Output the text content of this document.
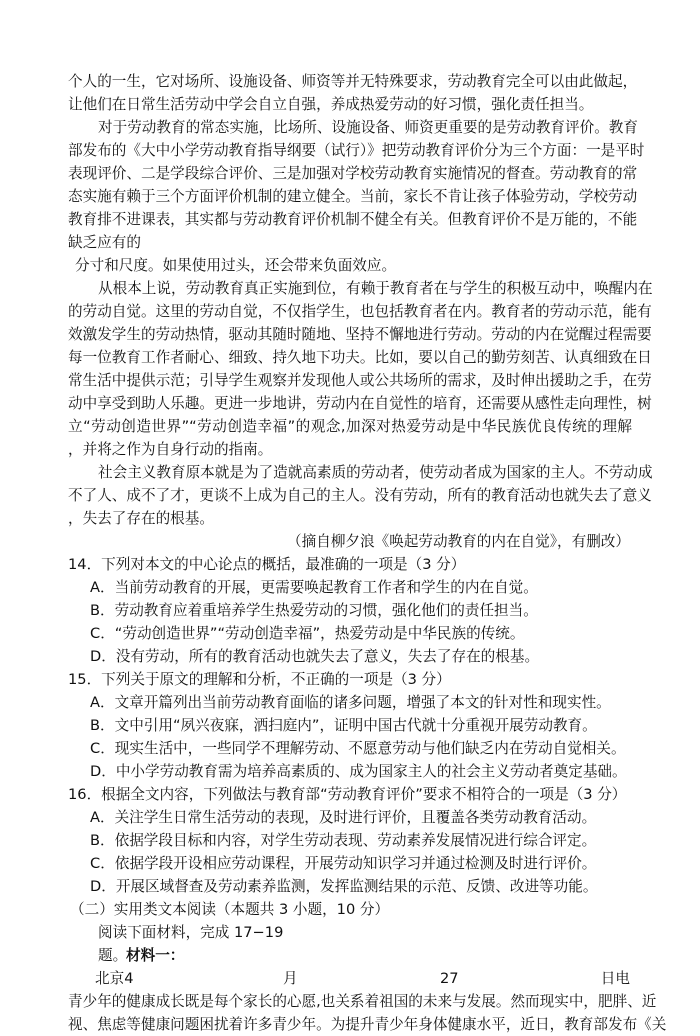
个人的一生，它对场所、设施设备、师资等并无特殊要求，劳动教育完全可以由此做起，
让他们在日常生活劳动中学会自立自强，养成热爱劳动的好习惯，强化责任担当。
对于劳动教育的常态实施，比场所、设施设备、师资更重要的是劳动教育评价。教育
部发布的《大中小学劳动教育指导纲要（试行）》把劳动教育评价分为三个方面：一是平时
表现评价、二是学段综合评价、三是加强对学校劳动教育实施情况的督查。劳动教育的常
态实施有赖于三个方面评价机制的建立健全。当前，家长不肯让孩子体验劳动，学校劳动
教育排不进课表，其实都与劳动教育评价机制不健全有关。但教育评价不是万能的，不能
缺乏应有的
分寸和尺度。如果使用过头，还会带来负面效应。
从根本上说，劳动教育真正实施到位，有赖于教育者在与学生的积极互动中，唤醒内在
的劳动自觉。这里的劳动自觉，不仅指学生，也包括教育者在内。教育者的劳动示范，能有
效激发学生的劳动热情，驱动其随时随地、坚持不懈地进行劳动。劳动的内在觉醒过程需要
每一位教育工作者耐心、细致、持久地下功夫。比如，要以自己的勤劳刻苦、认真细致在日
常生活中提供示范；引导学生观察并发现他人或公共场所的需求，及时伸出援助之手，在劳
动中享受到助人乐趣。更进一步地讲，劳动内在自觉性的培育，还需要从感性走向理性，树
立“劳动创造世界”“劳动创造幸福”的观念,加深对热爱劳动是中华民族优良传统的理解
，并将之作为自身行动的指南。
社会主义教育原本就是为了造就高素质的劳动者，使劳动者成为国家的主人。不劳动成
不了人、成不了才，更谈不上成为自己的主人。没有劳动，所有的教育活动也就失去了意义
，失去了存在的根基。
（摘自柳夕浪《唤起劳动教育的内在自觉》，有删改）
14．下列对本文的中心论点的概括，最准确的一项是（3 分）
A．当前劳动教育的开展，更需要唤起教育工作者和学生的内在自觉。
B．劳动教育应着重培养学生热爱劳动的习惯，强化他们的责任担当。
C．“劳动创造世界”“劳动创造幸福”，热爱劳动是中华民族的传统。
D．没有劳动，所有的教育活动也就失去了意义，失去了存在的根基。
15．下列关于原文的理解和分析，不正确的一项是（3 分）
A．文章开篇列出当前劳动教育面临的诸多问题，增强了本文的针对性和现实性。
B．文中引用“夙兴夜寐，洒扫庭内”，证明中国古代就十分重视开展劳动教育。
C．现实生活中，一些同学不理解劳动、不愿意劳动与他们缺乏内在劳动自觉相关。
D．中小学劳动教育需为培养高素质的、成为国家主人的社会主义劳动者奠定基础。
16．根据全文内容，下列做法与教育部“劳动教育评价”要求不相符合的一项是（3 分）
A．关注学生日常生活劳动的表现，及时进行评价，且覆盖各类劳动教育活动。
B．依据学段目标和内容，对学生劳动表现、劳动素养发展情况进行综合评定。
C．依据学段开设相应劳动课程，开展劳动知识学习并通过检测及时进行评价。
D．开展区域督查及劳动素养监测，发挥监测结果的示范、反馈、改进等功能。
（二）实用类文本阅读（本题共 3 小题，10 分）
阅读下面材料，完成 17−19
题。
材料一：
北京4	月	27	日电
青少年的健康成长既是每个家长的心愿,也关系着祖国的未来与发展。然而现实中，肥胖、近
视、焦虑等健康问题困扰着许多青少年。为提升青少年身体健康水平，近日，教育部发布《关
